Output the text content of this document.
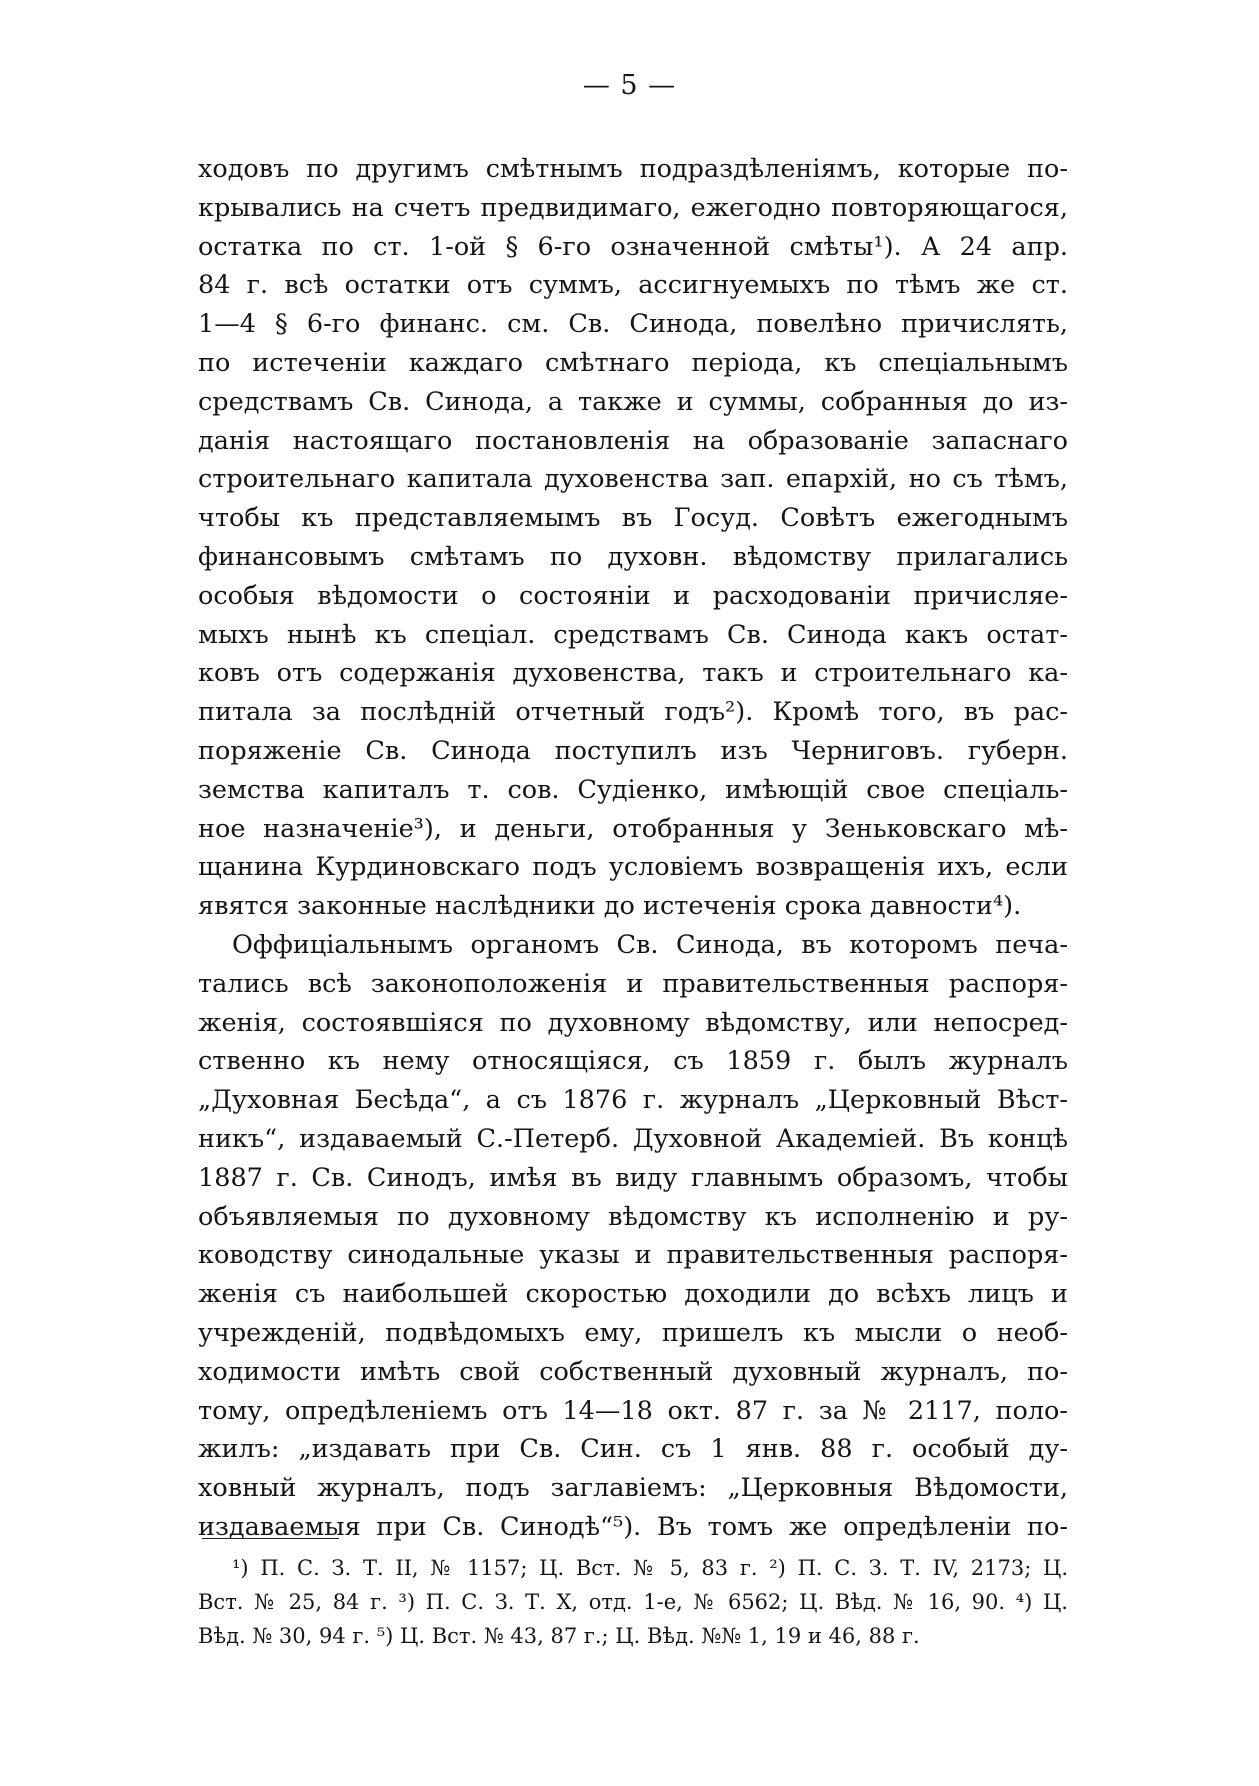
— 5 —
ходовъ по другимъ смѣтнымъ подраздѣленiямъ, которые по-
крывались на счетъ предвидимаго, ежегодно повторяющагося,
остатка по ст. 1-ой § 6-го означенной смѣты¹). А 24 апр.
84 г. всѣ остатки отъ суммъ, ассигнуемыхъ по тѣмъ же ст.
1—4 § 6-го финанс. см. Св. Синода, повелѣно причислять,
по истеченiи каждаго смѣтнаго перiода, къ спецiальнымъ
средствамъ Св. Синода, а также и суммы, собранныя до из-
данiя настоящаго постановленiя на образованiе запаснаго
строительнаго капитала духовенства зап. епархiй, но съ тѣмъ,
чтобы къ представляемымъ въ Госуд. Совѣтъ ежегоднымъ
финансовымъ смѣтамъ по духовн. вѣдомству прилагались
особыя вѣдомости о состоянiи и расходованiи причисляе-
мыхъ нынѣ къ спецiал. средствамъ Св. Синода какъ остат-
ковъ отъ содержанiя духовенства, такъ и строительнаго ка-
питала за послѣднiй отчетный годъ²). Кромѣ того, въ рас-
поряженiе Св. Синода поступилъ изъ Черниговъ. губерн.
земства капиталъ т. сов. Судiенко, имѣющiй свое спецiаль-
ное назначенiе³), и деньги, отобранныя у Зеньковскаго мѣ-
щанина Курдиновскаго подъ условiемъ возвращенiя ихъ, если
явятся законные наслѣдники до истеченiя срока давности⁴).
Оффицiальнымъ органомъ Св. Синода, въ которомъ печа-
тались всѣ законоположенiя и правительственныя распоря-
женiя, состоявшiяся по духовному вѣдомству, или непосред-
ственно къ нему относящiяся, съ 1859 г. былъ журналъ
„Духовная Бесѣда“, а съ 1876 г. журналъ „Церковный Вѣст-
никъ“, издаваемый С.-Петерб. Духовной Академiей. Въ концѣ
1887 г. Св. Синодъ, имѣя въ виду главнымъ образомъ, чтобы
объявляемыя по духовному вѣдомству къ исполненiю и ру-
ководству синодальные указы и правительственныя распоря-
женiя съ наибольшей скоростью доходили до всѣхъ лицъ и
учрежденiй, подвѣдомыхъ ему, пришелъ къ мысли о необ-
ходимости имѣть свой собственный духовный журналъ, по-
тому, опредѣленiемъ отъ 14—18 окт. 87 г. за № 2117, поло-
жилъ: „издавать при Св. Син. съ 1 янв. 88 г. особый ду-
ховный журналъ, подъ заглавiемъ: „Церковныя Вѣдомости,
издаваемыя при Св. Синодѣ“⁵). Въ томъ же опредѣленiи по-
¹) П. С. З. Т. II, № 1157; Ц. Вст. № 5, 83 г. ²) П. С. З. Т. IV, 2173; Ц.
Вст. № 25, 84 г. ³) П. С. З. Т. X, отд. 1-е, № 6562; Ц. Вѣд. № 16, 90. ⁴) Ц.
Вѣд. № 30, 94 г. ⁵) Ц. Вст. № 43, 87 г.; Ц. Вѣд. №№ 1, 19 и 46, 88 г.
